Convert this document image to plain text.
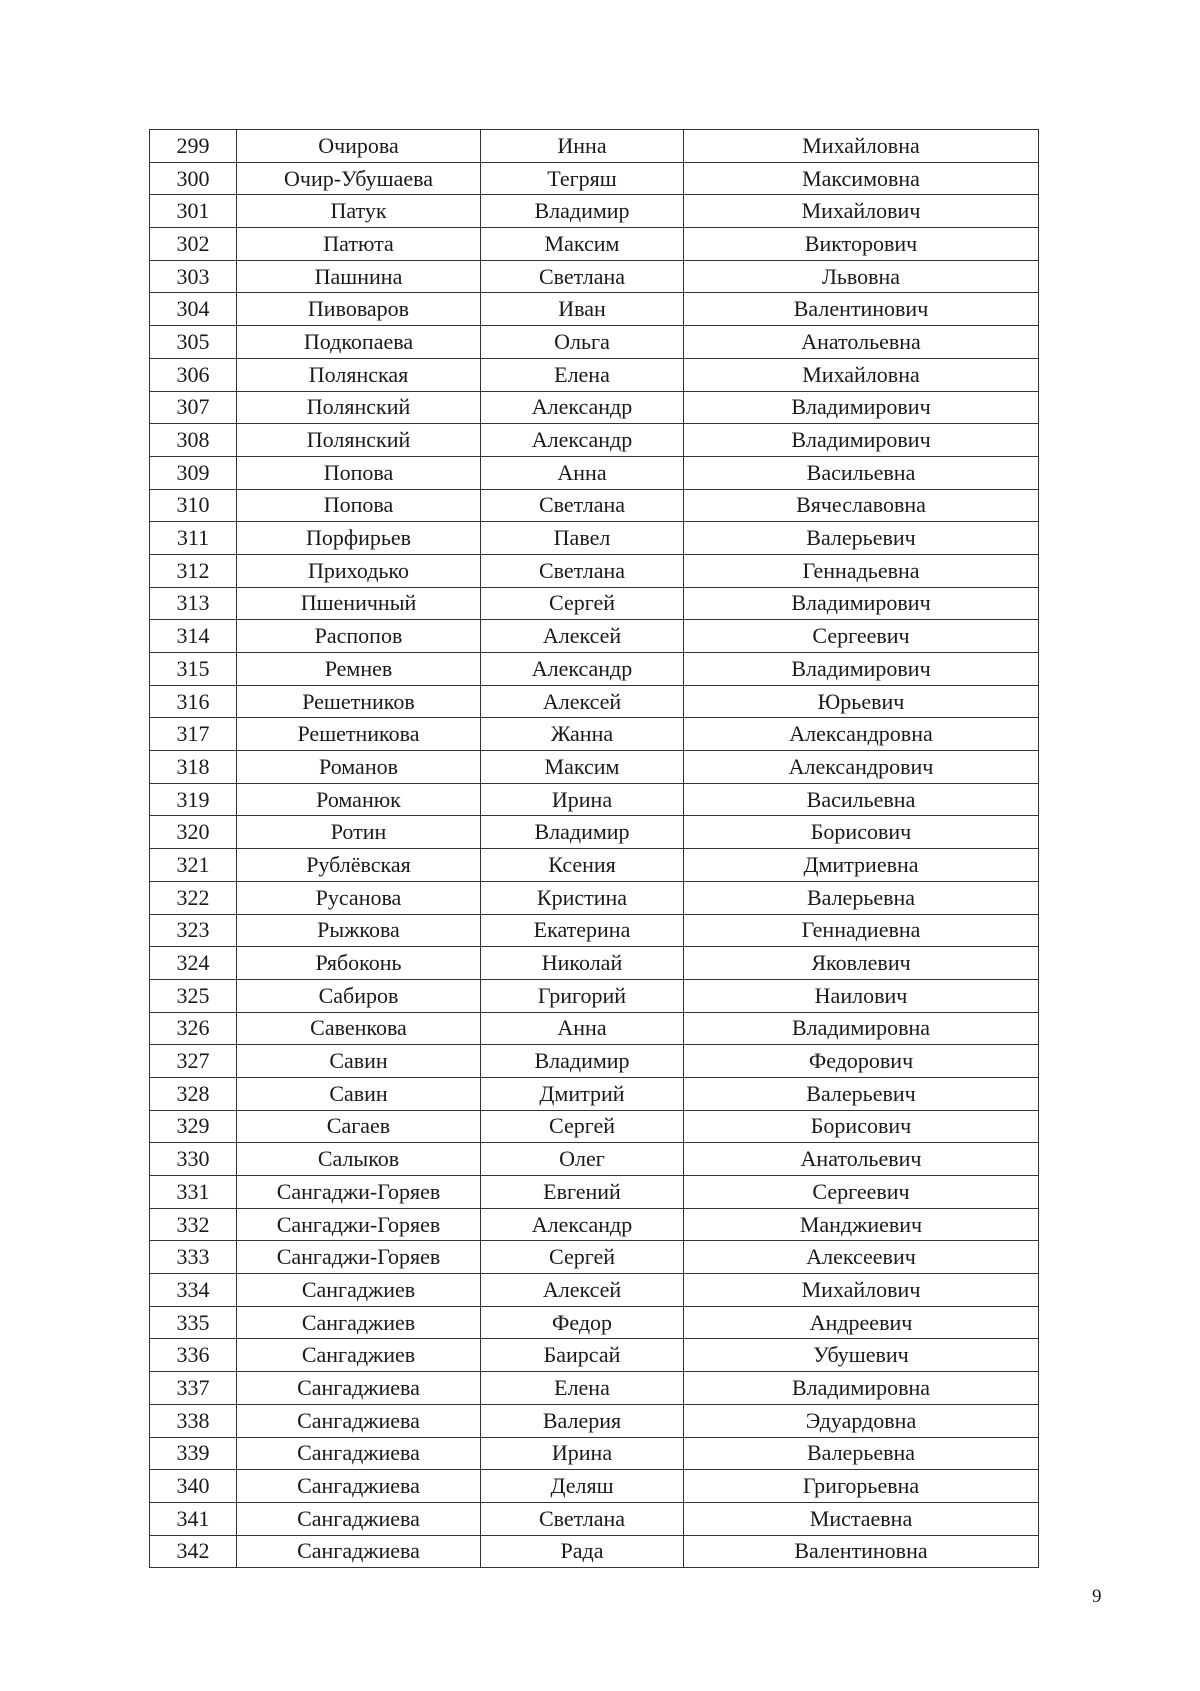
299	Очирова	Инна	Михайловна
300	Очир-Убушаева	Тегряш	Максимовна
301	Патук	Владимир	Михайлович
302	Патюта	Максим	Викторович
303	Пашнина	Светлана	Львовна
304	Пивоваров	Иван	Валентинович
305	Подкопаева	Ольга	Анатольевна
306	Полянская	Елена	Михайловна
307	Полянский	Александр	Владимирович
308	Полянский	Александр	Владимирович
309	Попова	Анна	Васильевна
310	Попова	Светлана	Вячеславовна
311	Порфирьев	Павел	Валерьевич
312	Приходько	Светлана	Геннадьевна
313	Пшеничный	Сергей	Владимирович
314	Распопов	Алексей	Сергеевич
315	Ремнев	Александр	Владимирович
316	Решетников	Алексей	Юрьевич
317	Решетникова	Жанна	Александровна
318	Романов	Максим	Александрович
319	Романюк	Ирина	Васильевна
320	Ротин	Владимир	Борисович
321	Рублёвская	Ксения	Дмитриевна
322	Русанова	Кристина	Валерьевна
323	Рыжкова	Екатерина	Геннадиевна
324	Рябоконь	Николай	Яковлевич
325	Сабиров	Григорий	Наилович
326	Савенкова	Анна	Владимировна
327	Савин	Владимир	Федорович
328	Савин	Дмитрий	Валерьевич
329	Сагаев	Сергей	Борисович
330	Салыков	Олег	Анатольевич
331	Сангаджи-Горяев	Евгений	Сергеевич
332	Сангаджи-Горяев	Александр	Манджиевич
333	Сангаджи-Горяев	Сергей	Алексеевич
334	Сангаджиев	Алексей	Михайлович
335	Сангаджиев	Федор	Андреевич
336	Сангаджиев	Баирсай	Убушевич
337	Сангаджиева	Елена	Владимировна
338	Сангаджиева	Валерия	Эдуардовна
339	Сангаджиева	Ирина	Валерьевна
340	Сангаджиева	Деляш	Григорьевна
341	Сангаджиева	Светлана	Мистаевна
342	Сангаджиева	Рада	Валентиновна
9
